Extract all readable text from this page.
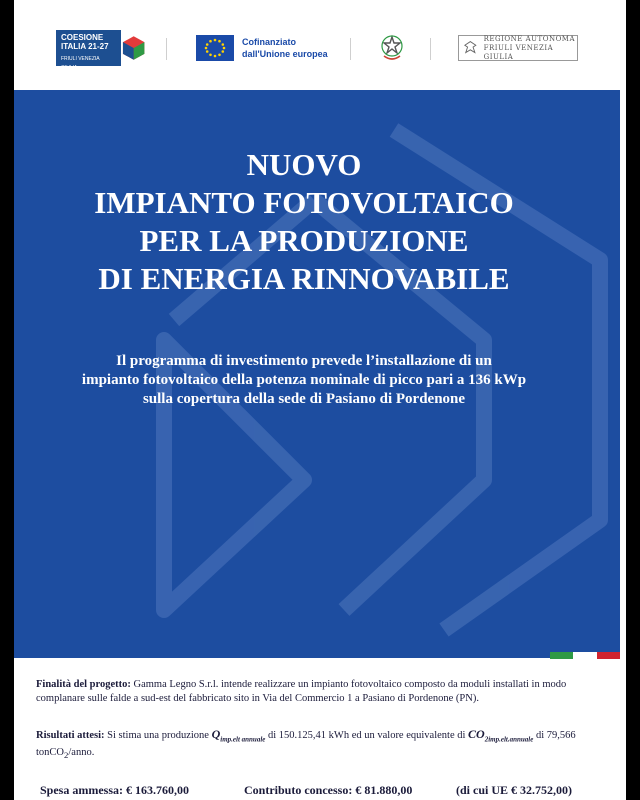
COESIONE
ITALIA 21-27
FRIULI VENEZIA GIULIA
Cofinanziato
dall'Unione europea
REGIONE AUTONOMA
FRIULI VENEZIA GIULIA
NUOVO
IMPIANTO FOTOVOLTAICO
PER LA PRODUZIONE
DI ENERGIA RINNOVABILE
Il programma di investimento prevede l’installazione di un
impianto fotovoltaico della potenza nominale di picco pari a 136 kWp
sulla copertura della sede di Pasiano di Pordenone
Finalità del progetto: Gamma Legno S.r.l. intende realizzare un impianto fotovoltaico composto da moduli installati in modo complanare sulle falde a sud-est del fabbricato sito in Via del Commercio 1 a Pasiano di Pordenone (PN).
Risultati attesi: Si stima una produzione $Q_{imp.elt annuale}$ di 150.125,41 kWh ed un valore equivalente di $CO_{2imp.elt.annuale}$ di 79,566
tonCO$_2$/anno.
Spesa ammessa: € 163.760,00	Contributo concesso: € 81.880,00	(di cui UE € 32.752,00)
